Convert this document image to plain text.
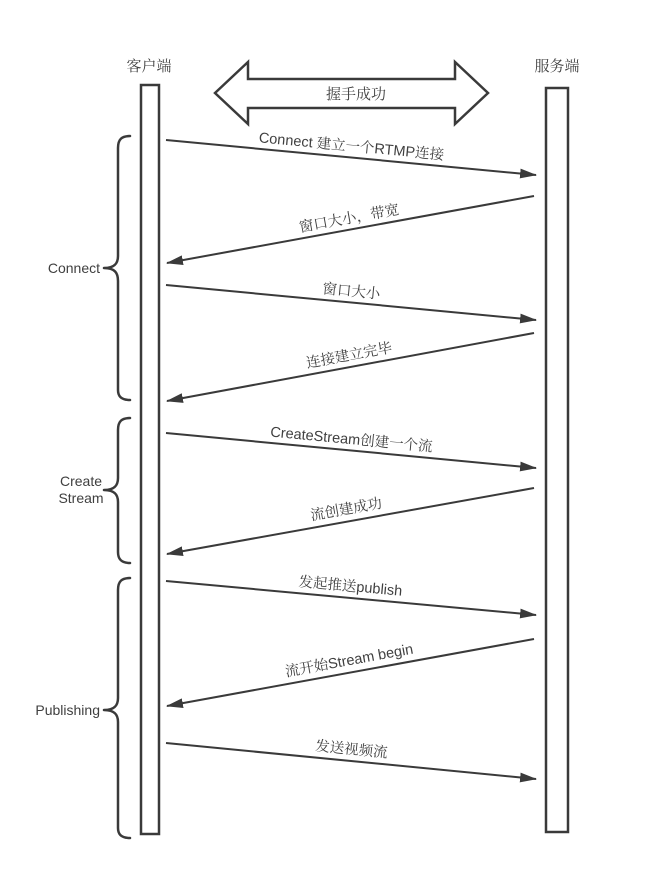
客户端	服务端
握手成功
Connect 建立一个RTMP连接
窗口大小，带宽
窗口大小
连接建立完毕
CreateStream创建一个流
流创建成功
发起推送publish
流开始Stream begin
发送视频流
Connect
Create
Stream
Publishing
